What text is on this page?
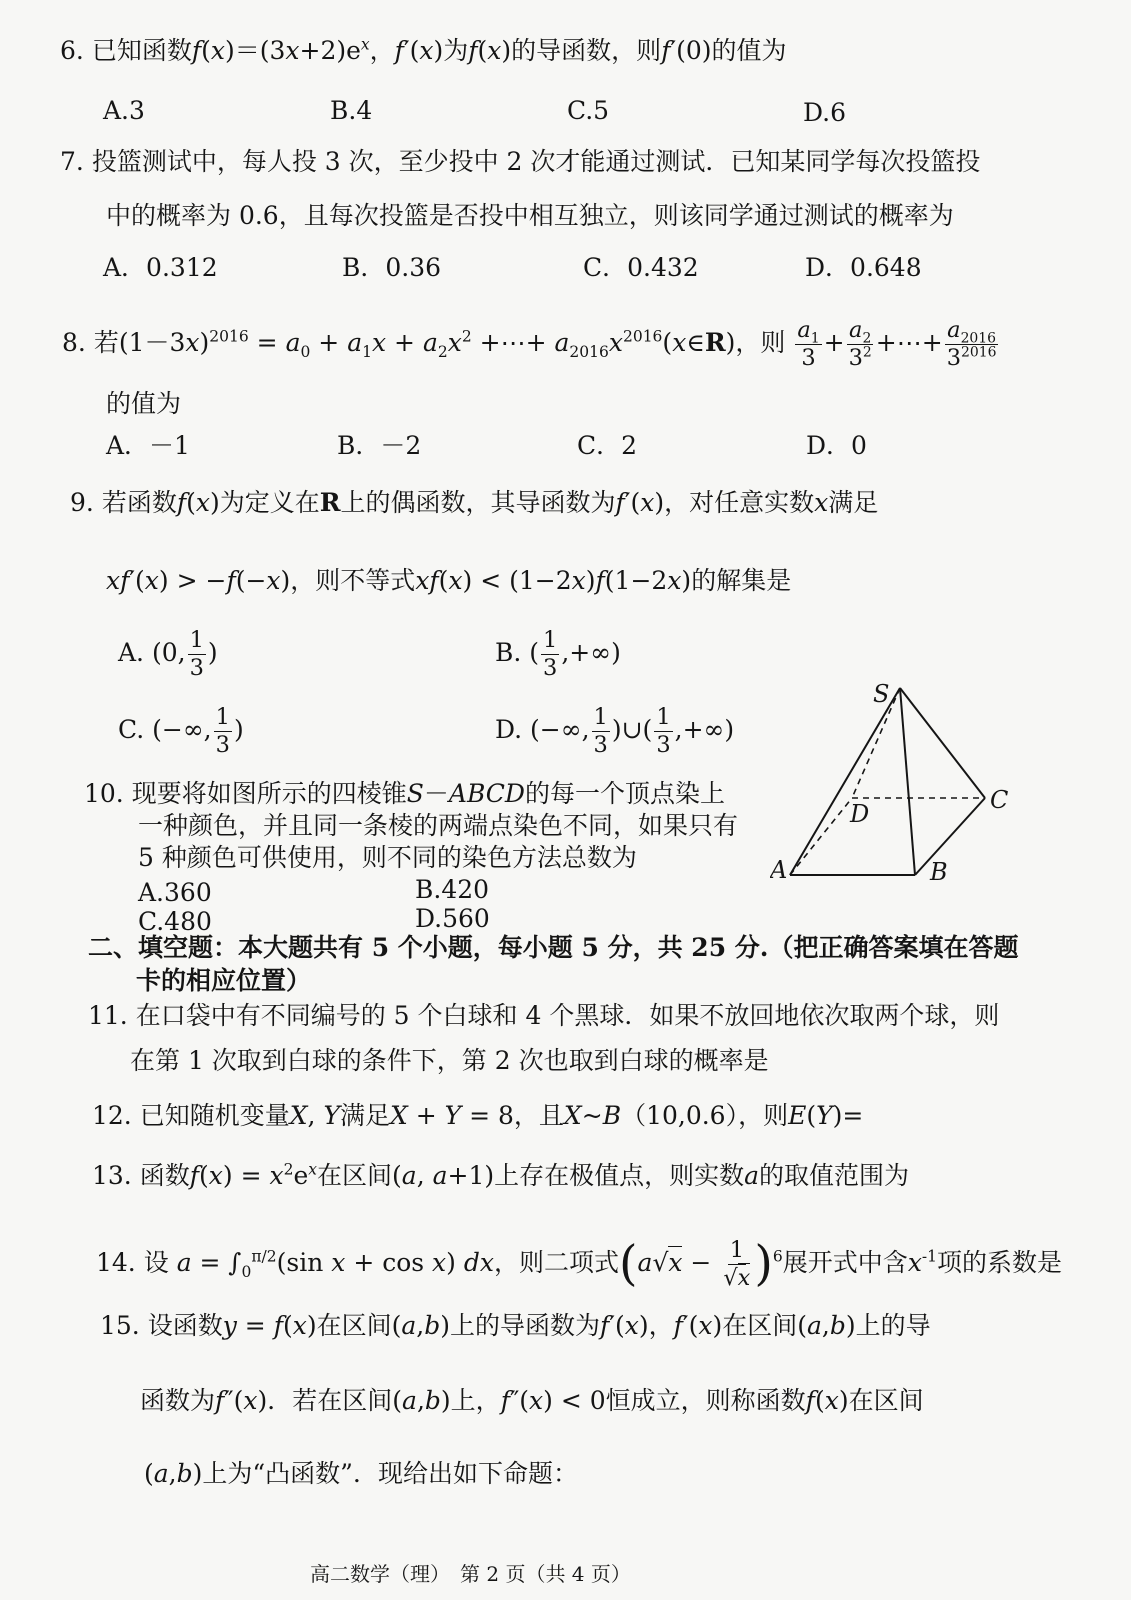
6. 已知函数$f(x)=(3x+2)e^x$，f′(x)为f(x)的导函数，则f′(0)的值为
A.3	B.4	C.5	D.6
7. 投篮测试中，每人投 3 次，至少投中 2 次才能通过测试．已知某同学每次投篮投
中的概率为 0.6，且每次投篮是否投中相互独立，则该同学通过测试的概率为
A．0.312	B．0.36	C．0.432	D．0.648
8. 若$(1-3x)^{2016} = a_0 + a_1x + a_2x^2$ +⋯+ $a_{2016}x^{2016}(x\in R)$，则 $\frac{a_1}{3} + \frac{a_2}{3^2}$ +⋯+ $\frac{a_{2016}}{3^{2016}}$
的值为
A．－1	B．－2	C．2	D．0
9. 若函数f(x)为定义在R上的偶函数，其导函数为f′(x)，对任意实数x满足
xf′(x) > −f(−x)，则不等式xf(x) < (1−2x)f(1−2x)的解集是
A. (0, $\frac{1}{3}$ )	B. ( $\frac{1}{3}$ ,+∞)
C. (−∞, $\frac{1}{3}$ )	D. (−∞, $\frac{1}{3}$ )∪( $\frac{1}{3}$ ,+∞)
10. 现要将如图所示的四棱锥S－ABCD的每一个顶点染上
一种颜色，并且同一条棱的两端点染色不同，如果只有
5 种颜色可供使用，则不同的染色方法总数为
A.360	B.420
C.480	D.560
S
D	C
A	B
二、填空题：本大题共有 5 个小题，每小题 5 分，共 25 分.（把正确答案填在答题
卡的相应位置）
11. 在口袋中有不同编号的 5 个白球和 4 个黑球．如果不放回地依次取两个球，则
在第 1 次取到白球的条件下，第 2 次也取到白球的概率是
12. 已知随机变量X, Y满足X + Y = 8，且X~B（10,0.6），则E(Y)=
13. 函数$f(x) = x^2e^x$在区间(a, a+1)上存在极值点，则实数a的取值范围为
14. 设 $a = \int_0^{\pi/2}(\sin$ x + cos x) dx，则二项式$(a√x - \frac{1}{√x} )^6$展开式中含$x^{-1}$项的系数是
15. 设函数y = f(x)在区间(a,b)上的导函数为f′(x)，f′(x)在区间(a,b)上的导
函数为f″(x)．若在区间(a,b)上，f″(x) < 0恒成立，则称函数f(x)在区间
(a,b)上为“凸函数”．现给出如下命题：
高二数学（理）　第 2 页（共 4 页）
